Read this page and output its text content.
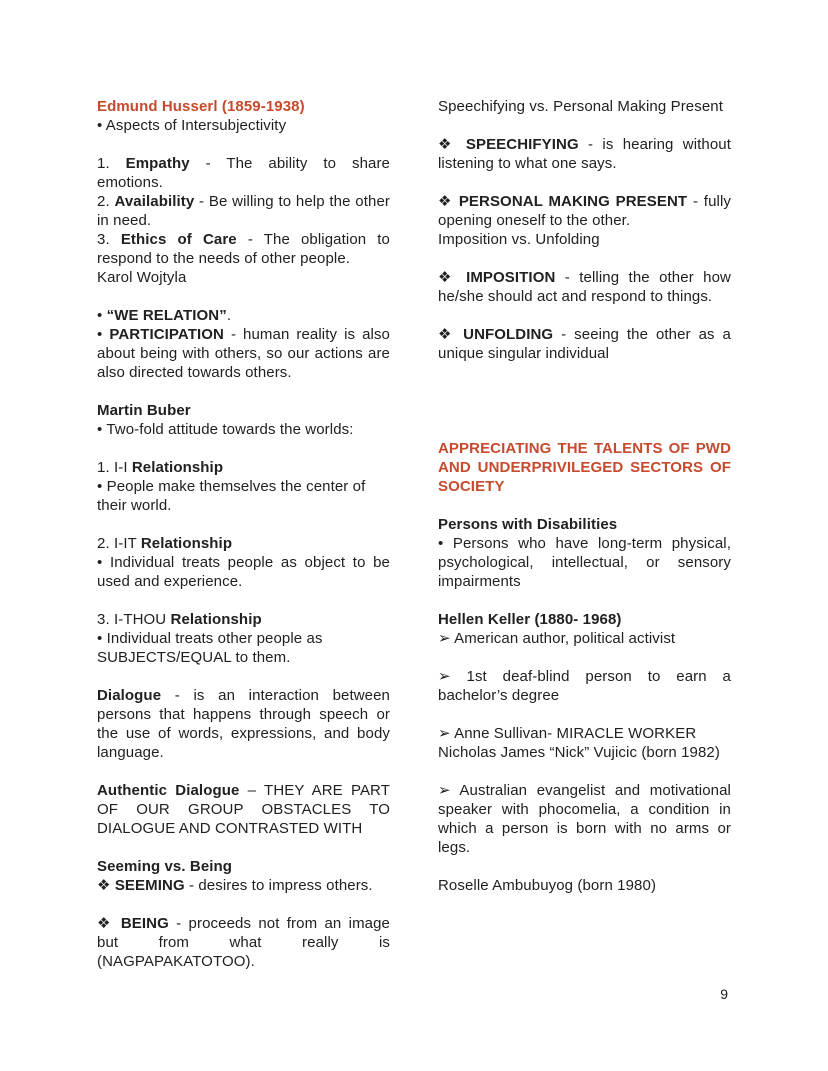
Edmund Husserl (1859-1938)

• Aspects of Intersubjectivity

1. Empathy - The ability to share emotions.

2. Availability - Be willing to help the other in need.

3. Ethics of Care - The obligation to respond to the needs of other people.

Karol Wojtyla

• “WE RELATION”.

• PARTICIPATION - human reality is also about being with others, so our actions are also directed towards others.

Martin Buber

• Two-fold attitude towards the worlds:

1. I-I Relationship

• People make themselves the center of their world.

2. I-IT Relationship

• Individual treats people as object to be used and experience.

3. I-THOU Relationship

• Individual treats other people as SUBJECTS/EQUAL to them.

Dialogue - is an interaction between persons that happens through speech or the use of words, expressions, and body language.

Authentic Dialogue – THEY ARE PART OF OUR GROUP OBSTACLES TO DIALOGUE AND CONTRASTED WITH

Seeming vs. Being

❖ SEEMING - desires to impress others.

❖ BEING - proceeds not from an image but from what really is (NAGPAPAKATOTOO).

Speechifying vs. Personal Making Present

❖ SPEECHIFYING - is hearing without listening to what one says.

❖ PERSONAL MAKING PRESENT - fully opening oneself to the other.

Imposition vs. Unfolding

❖ IMPOSITION - telling the other how he/she should act and respond to things.

❖ UNFOLDING - seeing the other as a unique singular individual

APPRECIATING THE TALENTS OF PWD AND UNDERPRIVILEGED SECTORS OF SOCIETY

Persons with Disabilities

• Persons who have long-term physical, psychological, intellectual, or sensory impairments

Hellen Keller (1880- 1968)

➢ American author, political activist

➢ 1st deaf-blind person to earn a bachelor’s degree

➢ Anne Sullivan- MIRACLE WORKER

Nicholas James “Nick” Vujicic (born 1982)

➢ Australian evangelist and motivational speaker with phocomelia, a condition in which a person is born with no arms or legs.

Roselle Ambubuyog (born 1980)

9
